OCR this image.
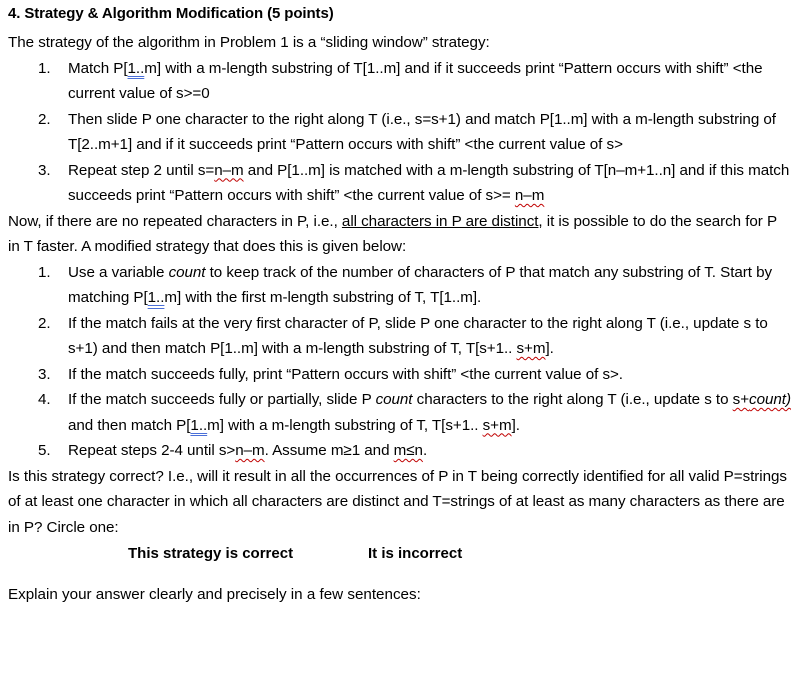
4. Strategy & Algorithm Modification (5 points)

The strategy of the algorithm in Problem 1 is a “sliding window” strategy:

1. Match P[1..m] with a m-length substring of T[1..m] and if it succeeds print “Pattern occurs with shift” <the current value of s>=0
2. Then slide P one character to the right along T (i.e., s=s+1) and match P[1..m] with a m-length substring of T[2..m+1] and if it succeeds print “Pattern occurs with shift” <the current value of s>
3. Repeat step 2 until s=n–m and P[1..m] is matched with a m-length substring of T[n–m+1..n] and if this match succeeds print “Pattern occurs with shift” <the current value of s>= n–m

Now, if there are no repeated characters in P, i.e., all characters in P are distinct, it is possible to do the search for P in T faster. A modified strategy that does this is given below:

1. Use a variable count to keep track of the number of characters of P that match any substring of T. Start by matching P[1..m] with the first m-length substring of T, T[1..m].
2. If the match fails at the very first character of P, slide P one character to the right along T (i.e., update s to s+1) and then match P[1..m] with a m-length substring of T, T[s+1.. s+m].
3. If the match succeeds fully, print “Pattern occurs with shift” <the current value of s>.
4. If the match succeeds fully or partially, slide P count characters to the right along T (i.e., update s to s+count) and then match P[1..m] with a m-length substring of T, T[s+1.. s+m].
5. Repeat steps 2-4 until s>n–m. Assume m≥1 and m≤n.

Is this strategy correct? I.e., will it result in all the occurrences of P in T being correctly identified for all valid P=strings of at least one character in which all characters are distinct and T=strings of at least as many characters as there are in P? Circle one:

This strategy is correct	It is incorrect

Explain your answer clearly and precisely in a few sentences:
